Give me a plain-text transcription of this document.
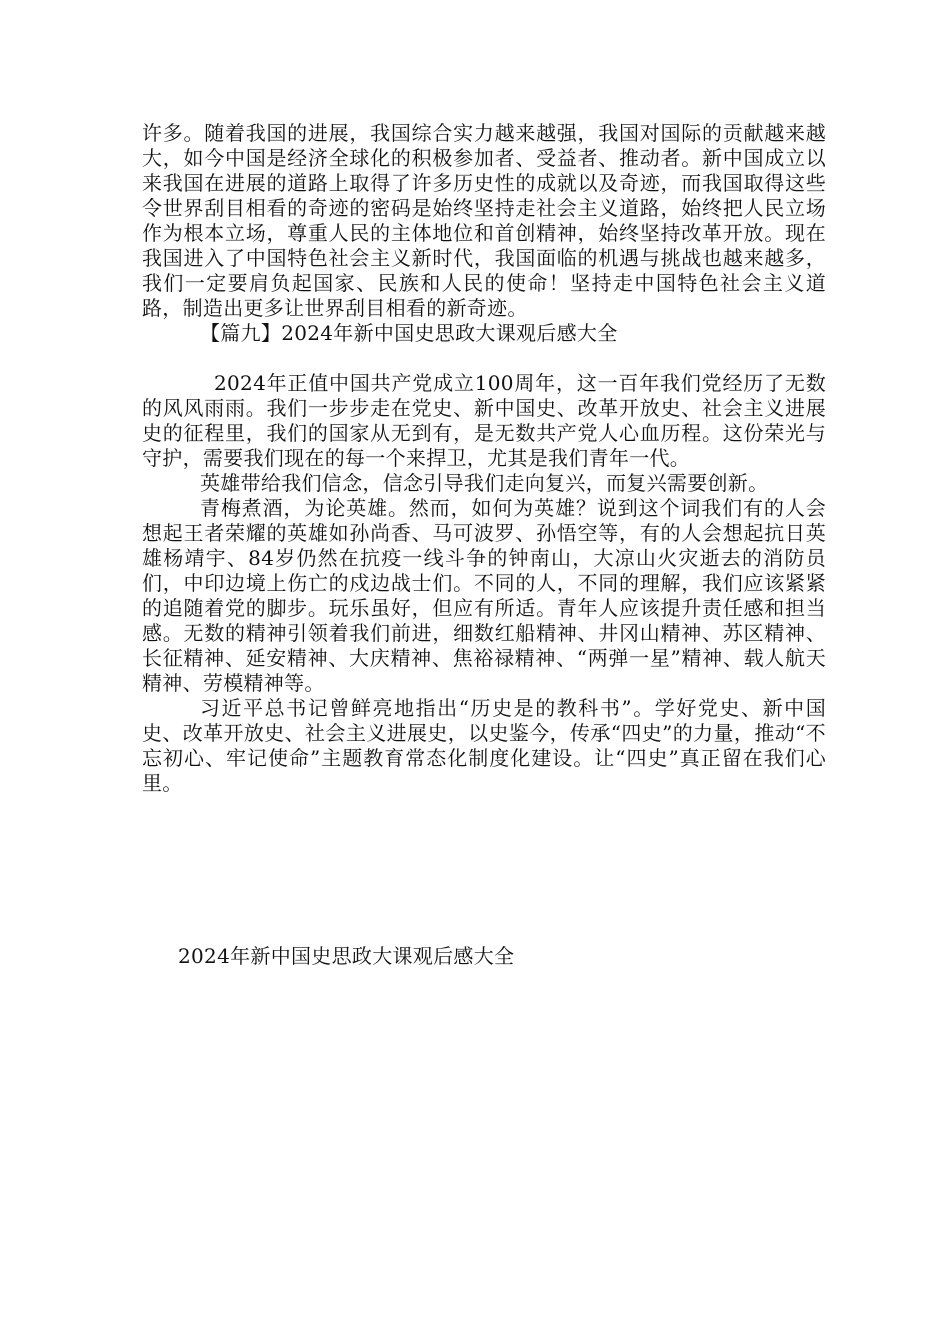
许多。随着我国的进展，我国综合实力越来越强，我国对国际的贡献越来越大，如今中国是经济全球化的积极参加者、受益者、推动者。新中国成立以来我国在进展的道路上取得了许多历史性的成就以及奇迹，而我国取得这些令世界刮目相看的奇迹的密码是始终坚持走社会主义道路，始终把人民立场作为根本立场，尊重人民的主体地位和首创精神，始终坚持改革开放。现在我国进入了中国特色社会主义新时代，我国面临的机遇与挑战也越来越多，我们一定要肩负起国家、民族和人民的使命！坚持走中国特色社会主义道路，制造出更多让世界刮目相看的新奇迹。

【篇九】2024年新中国史思政大课观后感大全

2024年正值中国共产党成立100周年，这一百年我们党经历了无数的风风雨雨。我们一步步走在党史、新中国史、改革开放史、社会主义进展史的征程里，我们的国家从无到有，是无数共产党人心血历程。这份荣光与守护，需要我们现在的每一个来捍卫，尤其是我们青年一代。

英雄带给我们信念，信念引导我们走向复兴，而复兴需要创新。

青梅煮酒，为论英雄。然而，如何为英雄？说到这个词我们有的人会想起王者荣耀的英雄如孙尚香、马可波罗、孙悟空等，有的人会想起抗日英雄杨靖宇、84岁仍然在抗疫一线斗争的钟南山，大凉山火灾逝去的消防员们，中印边境上伤亡的戍边战士们。不同的人，不同的理解，我们应该紧紧的追随着党的脚步。玩乐虽好，但应有所适。青年人应该提升责任感和担当感。无数的精神引领着我们前进，细数红船精神、井冈山精神、苏区精神、长征精神、延安精神、大庆精神、焦裕禄精神、“两弹一星”精神、载人航天精神、劳模精神等。

习近平总书记曾鲜亮地指出“历史是的教科书”。学好党史、新中国史、改革开放史、社会主义进展史，以史鉴今，传承“四史”的力量，推动“不忘初心、牢记使命”主题教育常态化制度化建设。让“四史”真正留在我们心里。

2024年新中国史思政大课观后感大全
